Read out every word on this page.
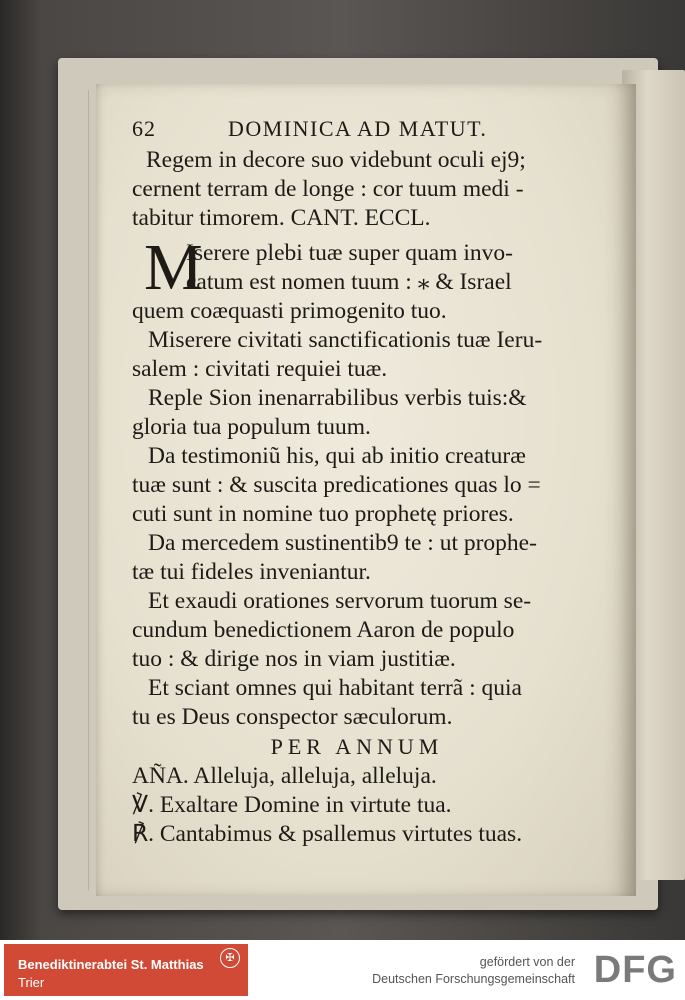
62	DOMINICA AD MATUT.
Regem in decore suo videbunt oculi ej9;
cernent terram de longe : cor tuum medi -
tabitur timorem. CANT. ECCL.
M
Iserere plebi tuæ super quam invo-
catum est nomen tuum : ⁎ & Israel
quem coæquasti primogenito tuo.
Miserere civitati sanctificationis tuæ Ieru-
salem : civitati requiei tuæ.
Reple Sion inenarrabilibus verbis tuis:&
gloria tua populum tuum.
Da testimoniũ his, qui ab initio creaturæ
tuæ sunt : & suscita predicationes quas lo =
cuti sunt in nomine tuo prophetę priores.
Da mercedem sustinentib9 te : ut prophe-
tæ tui fideles inveniantur.
Et exaudi orationes servorum tuorum se-
cundum benedictionem Aaron de populo
tuo : & dirige nos in viam justitiæ.
Et sciant omnes qui habitant terrã : quia
tu es Deus conspector sæculorum.
PER ANNUM
AÑA. Alleluja, alleluja, alleluja.
℣. Exaltare Domine in virtute tua.
℟. Cantabimus & psallemus virtutes tuas.
Benediktinerabtei St. Matthias
Trier
✠	gefördert von der
Deutschen Forschungsgemeinschaft DFG
